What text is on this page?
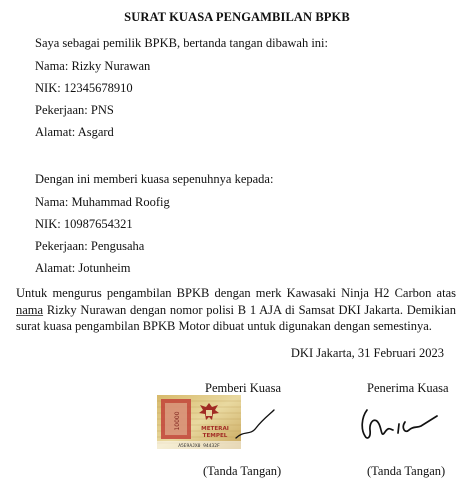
SURAT KUASA PENGAMBILAN BPKB
Saya sebagai pemilik BPKB, bertanda tangan dibawah ini:
Nama: Rizky Nurawan
NIK: 12345678910
Pekerjaan: PNS
Alamat: Asgard
Dengan ini memberi kuasa sepenuhnya kepada:
Nama: Muhammad Roofig
NIK: 10987654321
Pekerjaan: Pengusaha
Alamat: Jotunheim
Untuk mengurus pengambilan BPKB dengan merk Kawasaki Ninja H2 Carbon atas nama Rizky Nurawan dengan nomor polisi B 1 AJA di Samsat DKI Jakarta. Demikian surat kuasa pengambilan BPKB Motor dibuat untuk digunakan dengan semestinya.
DKI Jakarta, 31 Februari 2023
Pemberi Kuasa	Penerima Kuasa
10000	METERAI
TEMPEL
A5E9AJX0 94432F
(Tanda Tangan)	(Tanda Tangan)
